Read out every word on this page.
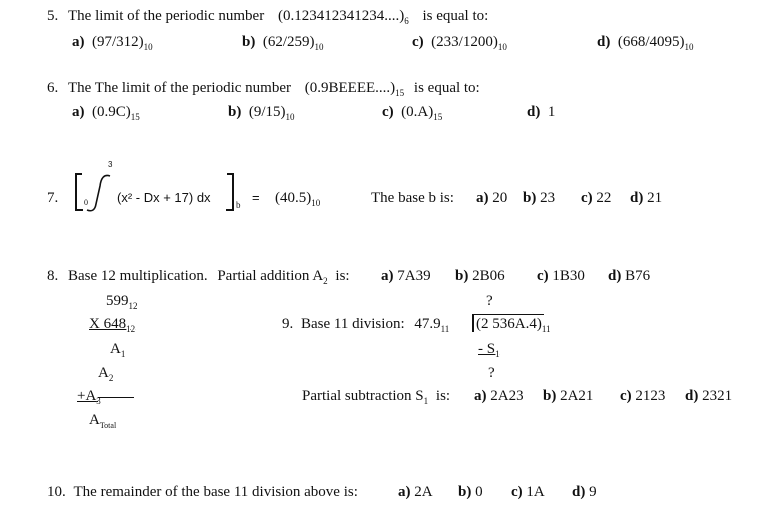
5. The limit of the periodic number $(0.123412341234....)_6$ is equal to:
a) $(97/312)_{10}$	b) $(62/259)_{10}$	c) $(233/1200)_{10}$	d) $(668/4095)_{10}$
6. The The limit of the periodic number $(0.9BEEEE....)_{15}$ is equal to:
a) $(0.9C)_{15}$	b) $(9/15)_{10}$	c) $(0.A)_{15}$	d) 1
7.
3
0 (x² - Dx + 17) dx	$b = (40.5)_{10}$	The base b is: a) 20 b) 23 c) 22 d) 21
8. Base 12 multiplication. Partial addition $A_2$ is: a) 7A39 b) 2B06 c) 1B30 d) B76
$599_{12}$
X $648_{12}$
$A_1$
$A_2$
$+A_3$
$A_{Total}$
?
9. Base 11 division: $47.9_{11}$ (2 $536A.4)_{11}$
- $S_1$
?
Partial subtraction $S_1$ is: a) 2A23 b) 2A21 c) 2123 d) 2321
10. The remainder of the base 11 division above is:	a) 2A b) 0 c) 1A d) 9
